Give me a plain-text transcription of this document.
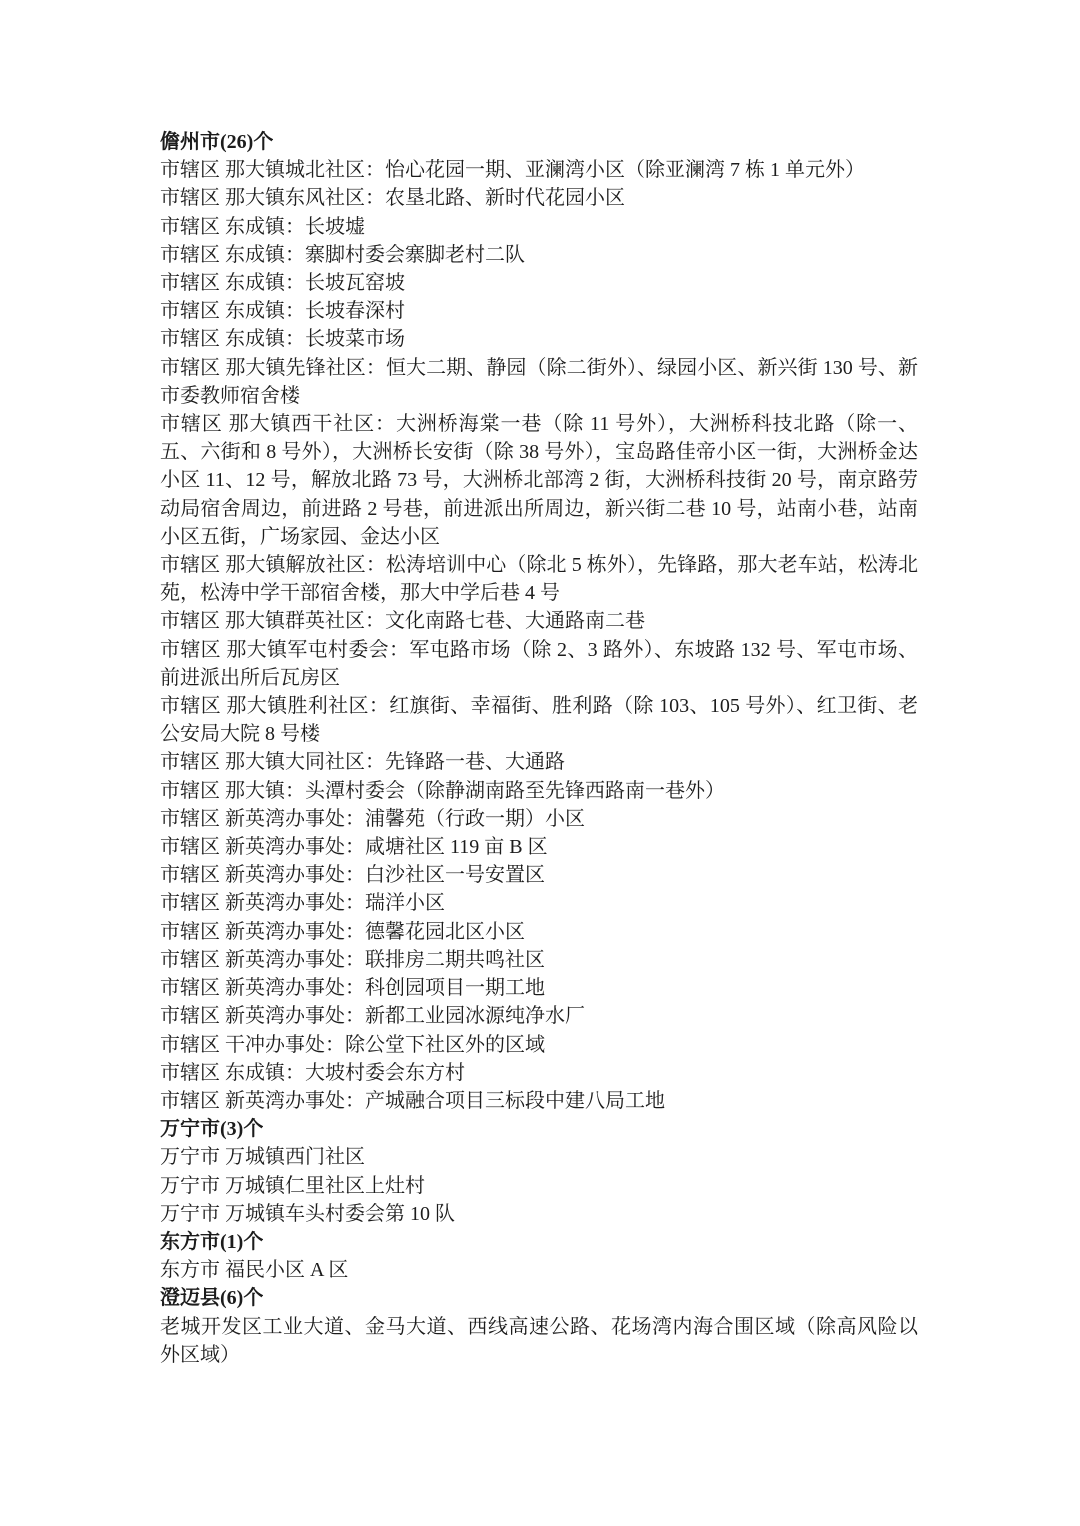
儋州市(26)个

市辖区 那大镇城北社区：怡心花园一期、亚澜湾小区（除亚澜湾 7 栋 1 单元外）

市辖区 那大镇东风社区：农垦北路、新时代花园小区

市辖区 东成镇：长坡墟

市辖区 东成镇：寨脚村委会寨脚老村二队

市辖区 东成镇：长坡瓦窑坡

市辖区 东成镇：长坡春深村

市辖区 东成镇：长坡菜市场

市辖区 那大镇先锋社区：恒大二期、静园（除二街外）、绿园小区、新兴街 130 号、新市委教师宿舍楼

市辖区 那大镇西干社区：大洲桥海棠一巷（除 11 号外），大洲桥科技北路（除一、五、六街和 8 号外），大洲桥长安街（除 38 号外），宝岛路佳帝小区一街，大洲桥金达小区 11、12 号，解放北路 73 号，大洲桥北部湾 2 街，大洲桥科技街 20 号，南京路劳动局宿舍周边，前进路 2 号巷，前进派出所周边，新兴街二巷 10 号，站南小巷，站南小区五街，广场家园、金达小区

市辖区 那大镇解放社区：松涛培训中心（除北 5 栋外），先锋路，那大老车站，松涛北苑，松涛中学干部宿舍楼，那大中学后巷 4 号

市辖区 那大镇群英社区：文化南路七巷、大通路南二巷

市辖区 那大镇军屯村委会：军屯路市场（除 2、3 路外）、东坡路 132 号、军屯市场、前进派出所后瓦房区

市辖区 那大镇胜利社区：红旗街、幸福街、胜利路（除 103、105 号外）、红卫街、老公安局大院 8 号楼

市辖区 那大镇大同社区：先锋路一巷、大通路

市辖区 那大镇：头潭村委会（除静湖南路至先锋西路南一巷外）

市辖区 新英湾办事处：浦馨苑（行政一期）小区

市辖区 新英湾办事处：咸塘社区 119 亩 B 区

市辖区 新英湾办事处：白沙社区一号安置区

市辖区 新英湾办事处：瑞洋小区

市辖区 新英湾办事处：德馨花园北区小区

市辖区 新英湾办事处：联排房二期共鸣社区

市辖区 新英湾办事处：科创园项目一期工地

市辖区 新英湾办事处：新都工业园冰源纯净水厂

市辖区 干冲办事处：除公堂下社区外的区域

市辖区 东成镇：大坡村委会东方村

市辖区 新英湾办事处：产城融合项目三标段中建八局工地

万宁市(3)个

万宁市 万城镇西门社区

万宁市 万城镇仁里社区上灶村

万宁市 万城镇车头村委会第 10 队

东方市(1)个

东方市 福民小区 A 区

澄迈县(6)个

老城开发区工业大道、金马大道、西线高速公路、花场湾内海合围区域（除高风险以外区域）
